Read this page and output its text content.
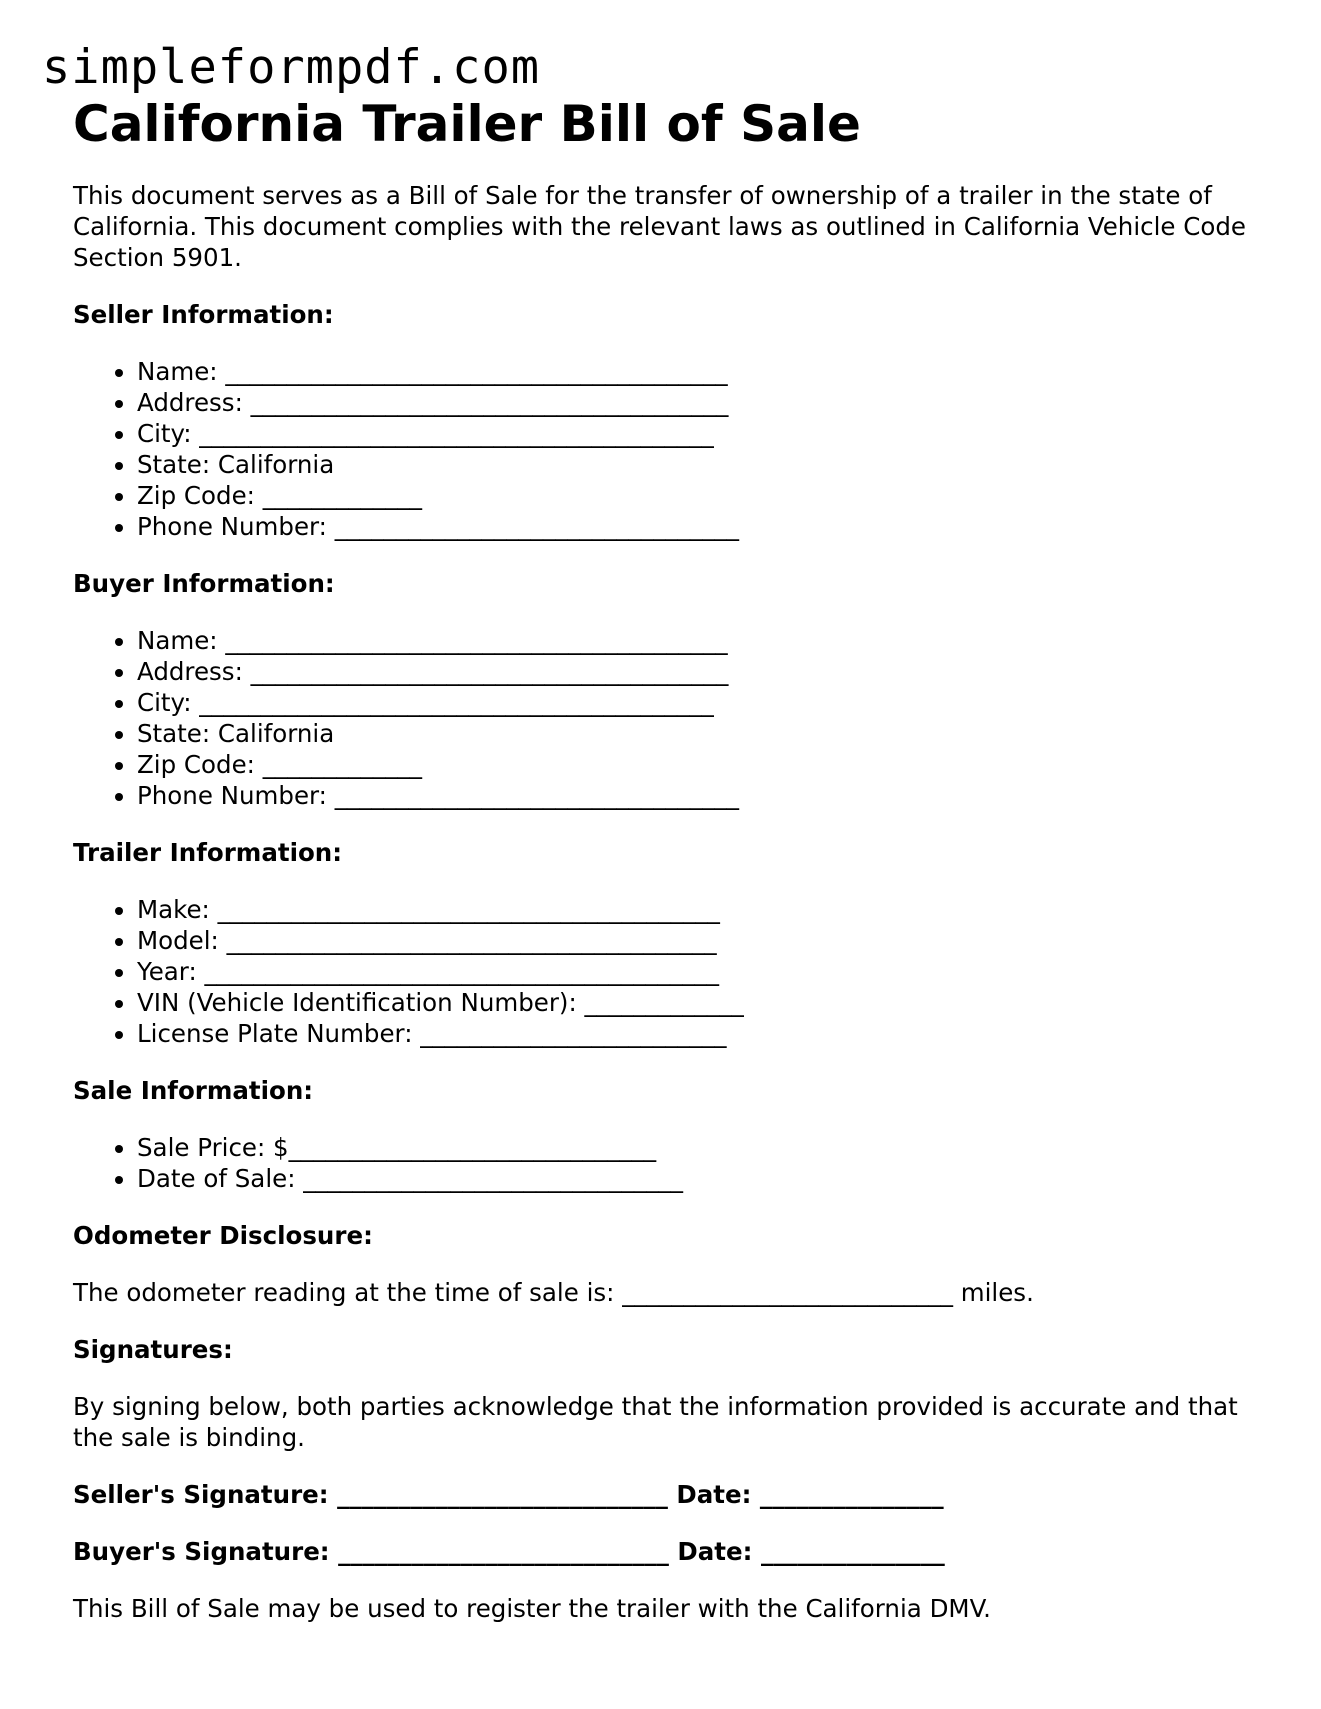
simpleformpdf.com
California Trailer Bill of Sale

This document serves as a Bill of Sale for the transfer of ownership of a trailer in the state of California. This document complies with the relevant laws as outlined in California Vehicle Code Section 5901.

Seller Information:
• Name: _________________________________________
• Address: _______________________________________
• City: __________________________________________
• State: California
• Zip Code: _____________
• Phone Number: _________________________________
Buyer Information:
• Name: _________________________________________
• Address: _______________________________________
• City: __________________________________________
• State: California
• Zip Code: _____________
• Phone Number: _________________________________
Trailer Information:
• Make: _________________________________________
• Model: ________________________________________
• Year: __________________________________________
• VIN (Vehicle Identification Number): _____________
• License Plate Number: _________________________
Sale Information:
• Sale Price: $______________________________
• Date of Sale: _______________________________
Odometer Disclosure:

The odometer reading at the time of sale is: ___________________________ miles.

Signatures:

By signing below, both parties acknowledge that the information provided is accurate and that the sale is binding.

Seller's Signature: ___________________________ Date: _______________
Buyer's Signature: ___________________________ Date: _______________

This Bill of Sale may be used to register the trailer with the California DMV.
